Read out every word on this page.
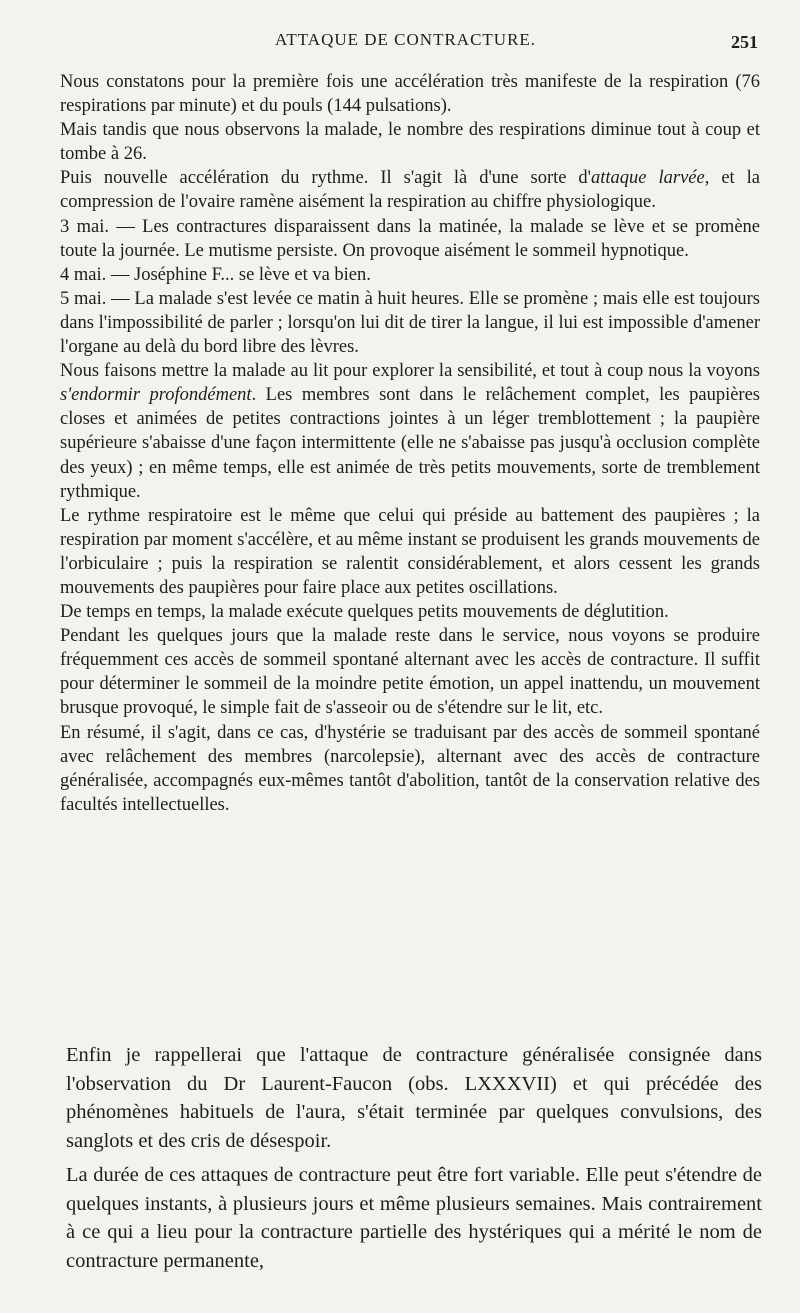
ATTAQUE DE CONTRACTURE.	251

Nous constatons pour la première fois une accélération très manifeste de la respiration (76 respirations par minute) et du pouls (144 pulsations).

Mais tandis que nous observons la malade, le nombre des respirations diminue tout à coup et tombe à 26.

Puis nouvelle accélération du rythme. Il s'agit là d'une sorte d'attaque larvée, et la compression de l'ovaire ramène aisément la respiration au chiffre physiologique.

3 mai. — Les contractures disparaissent dans la matinée, la malade se lève et se promène toute la journée. Le mutisme persiste. On provoque aisément le sommeil hypnotique.

4 mai. — Joséphine F... se lève et va bien.

5 mai. — La malade s'est levée ce matin à huit heures. Elle se promène ; mais elle est toujours dans l'impossibilité de parler ; lorsqu'on lui dit de tirer la langue, il lui est impossible d'amener l'organe au delà du bord libre des lèvres.

Nous faisons mettre la malade au lit pour explorer la sensibilité, et tout à coup nous la voyons s'endormir profondément. Les membres sont dans le relâchement complet, les paupières closes et animées de petites contractions jointes à un léger tremblottement ; la paupière supérieure s'abaisse d'une façon intermittente (elle ne s'abaisse pas jusqu'à occlusion complète des yeux) ; en même temps, elle est animée de très petits mouvements, sorte de tremblement rythmique.

Le rythme respiratoire est le même que celui qui préside au battement des paupières ; la respiration par moment s'accélère, et au même instant se produisent les grands mouvements de l'orbiculaire ; puis la respiration se ralentit considérablement, et alors cessent les grands mouvements des paupières pour faire place aux petites oscillations.

De temps en temps, la malade exécute quelques petits mouvements de déglutition.

Pendant les quelques jours que la malade reste dans le service, nous voyons se produire fréquemment ces accès de sommeil spontané alternant avec les accès de contracture. Il suffit pour déterminer le sommeil de la moindre petite émotion, un appel inattendu, un mouvement brusque provoqué, le simple fait de s'asseoir ou de s'étendre sur le lit, etc.

En résumé, il s'agit, dans ce cas, d'hystérie se traduisant par des accès de sommeil spontané avec relâchement des membres (narcolepsie), alternant avec des accès de contracture généralisée, accompagnés eux-mêmes tantôt d'abolition, tantôt de la conservation relative des facultés intellectuelles.

Enfin je rappellerai que l'attaque de contracture généralisée consignée dans l'observation du Dr Laurent-Faucon (obs. LXXXVII) et qui précédée des phénomènes habituels de l'aura, s'était terminée par quelques convulsions, des sanglots et des cris de désespoir.

La durée de ces attaques de contracture peut être fort variable. Elle peut s'étendre de quelques instants, à plusieurs jours et même plusieurs semaines. Mais contrairement à ce qui a lieu pour la contracture partielle des hystériques qui a mérité le nom de contracture permanente,
